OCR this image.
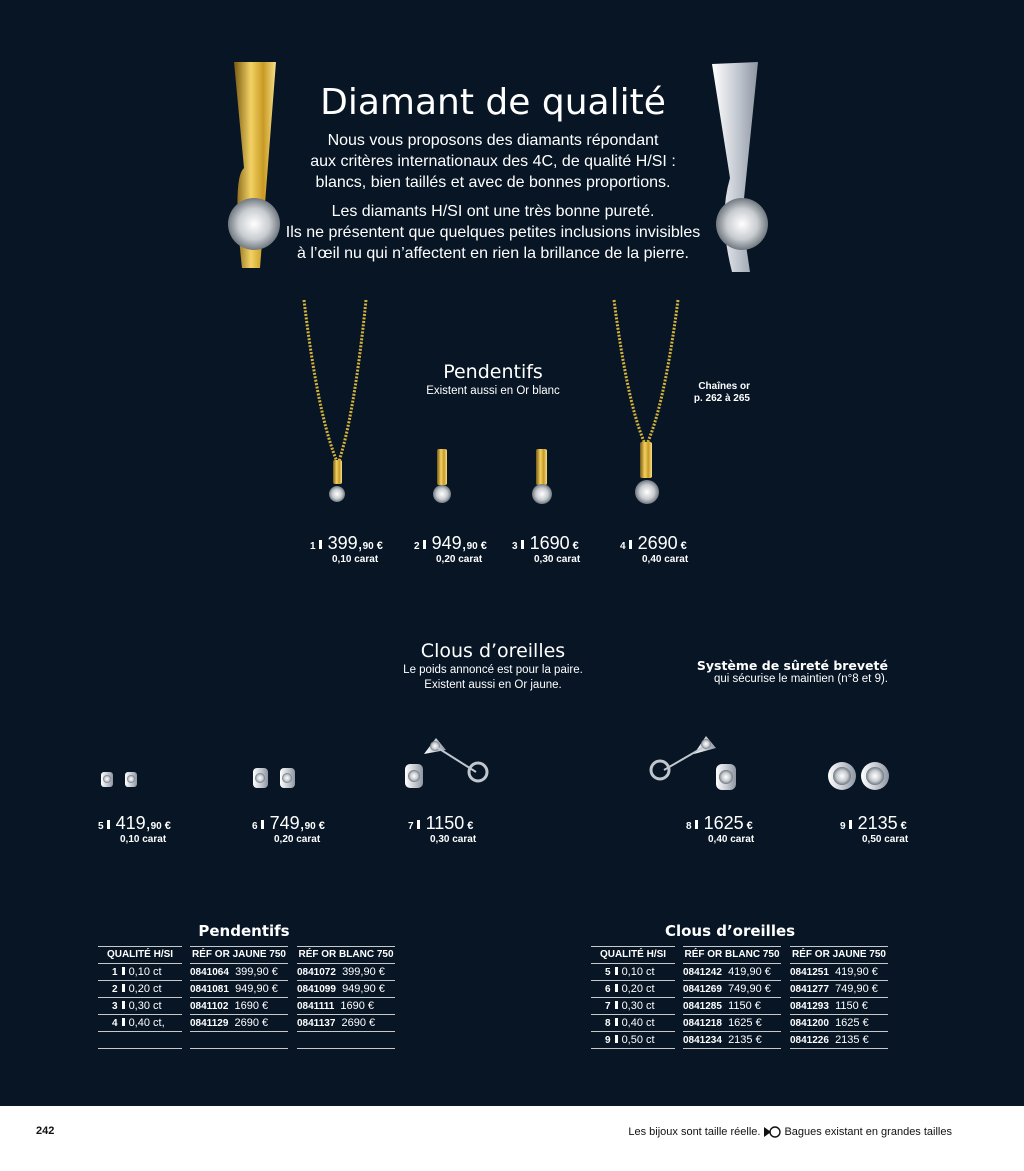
Diamant de qualité

Nous vous proposons des diamants répondant

aux critères internationaux des 4C, de qualité H/SI :

blancs, bien taillés et avec de bonnes proportions.

Les diamants H/SI ont une très bonne pureté.

Ils ne présentent que quelques petites inclusions invisibles

à l’œil nu qui n’affectent en rien la brillance de la pierre.

Pendentifs
Existent aussi en Or blanc	Chaînes or
p. 262 à 265
1 399, 90 €
0,10 carat
2 949, 90 €
0,20 carat
3 1690 €
0,30 carat
4 2690 €
0,40 carat
Clous d’oreilles
Le poids annoncé est pour la paire.
Existent aussi en Or jaune.
Système de sûreté breveté
qui sécurise le maintien (n°8 et 9).
5 419, 90 €
0,10 carat
6 749, 90 €
0,20 carat
7 1150 €
0,30 carat
8 1625 €
0,40 carat
9 2135 €
0,50 carat
Pendentifs
QUALITÉ H/SI
1 0,10 ct
2 0,20 ct
3 0,30 ct
4 0,40 ct,
RÉF OR JAUNE 750
0841064 399,90 €
0841081 949,90 €
0841102 1690 €
0841129 2690 €
RÉF OR BLANC 750
0841072 399,90 €
0841099 949,90 €
0841111 1690 €
0841137 2690 €
Clous d’oreilles
QUALITÉ H/SI
5 0,10 ct
6 0,20 ct
7 0,30 ct
8 0,40 ct
9 0,50 ct
RÉF OR BLANC 750
0841242 419,90 €
0841269 749,90 €
0841285 1150 €
0841218 1625 €
0841234 2135 €
RÉF OR JAUNE 750
0841251 419,90 €
0841277 749,90 €
0841293 1150 €
0841200 1625 €
0841226 2135 €
242	Les bijoux sont taille réelle. Bagues existant en grandes tailles
